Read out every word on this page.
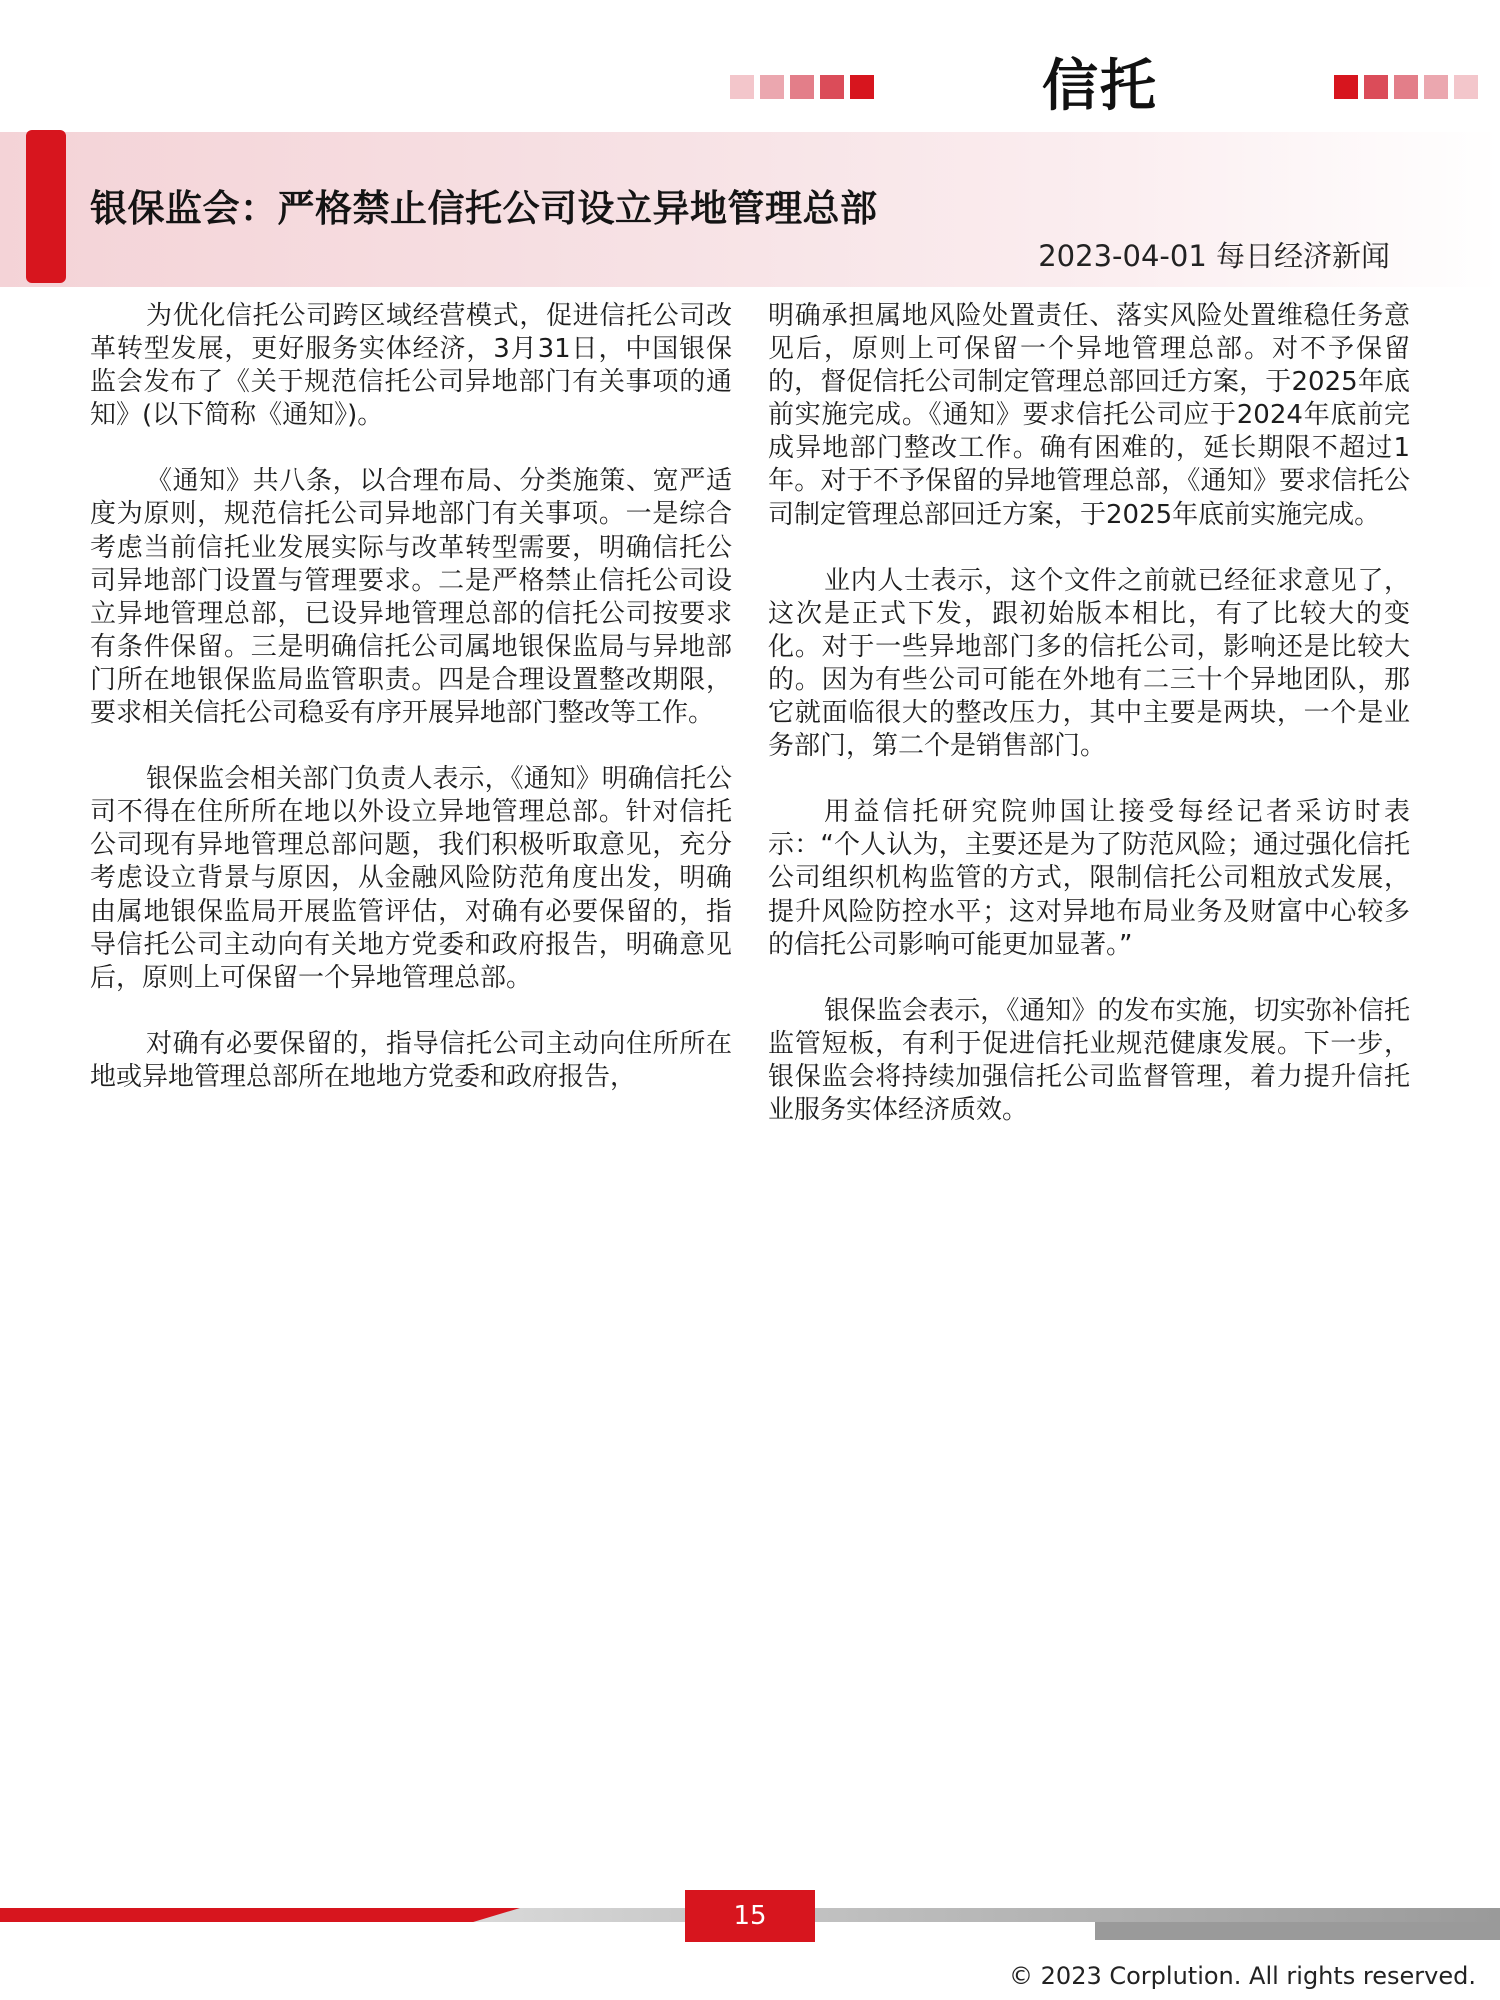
信托
银保监会：严格禁止信托公司设立异地管理总部
2023-04-01 每日经济新闻

为优化信托公司跨区域经营模式，促进信托公司改革转型发展，更好服务实体经济，3月31日，中国银保监会发布了《关于规范信托公司异地部门有关事项的通知》(以下简称《通知》)。

《通知》共八条，以合理布局、分类施策、宽严适度为原则，规范信托公司异地部门有关事项。一是综合考虑当前信托业发展实际与改革转型需要，明确信托公司异地部门设置与管理要求。二是严格禁止信托公司设立异地管理总部，已设异地管理总部的信托公司按要求有条件保留。三是明确信托公司属地银保监局与异地部门所在地银保监局监管职责。四是合理设置整改期限，要求相关信托公司稳妥有序开展异地部门整改等工作。

银保监会相关部门负责人表示，《通知》明确信托公司不得在住所所在地以外设立异地管理总部。针对信托公司现有异地管理总部问题，我们积极听取意见，充分考虑设立背景与原因，从金融风险防范角度出发，明确由属地银保监局开展监管评估，对确有必要保留的，指导信托公司主动向有关地方党委和政府报告，明确意见后，原则上可保留一个异地管理总部。

对确有必要保留的，指导信托公司主动向住所所在地或异地管理总部所在地地方党委和政府报告，

明确承担属地风险处置责任、落实风险处置维稳任务意见后，原则上可保留一个异地管理总部。对不予保留的，督促信托公司制定管理总部回迁方案，于2025年底前实施完成。《通知》要求信托公司应于2024年底前完成异地部门整改工作。确有困难的，延长期限不超过1年。对于不予保留的异地管理总部，《通知》要求信托公司制定管理总部回迁方案，于2025年底前实施完成。

业内人士表示，这个文件之前就已经征求意见了，这次是正式下发，跟初始版本相比，有了比较大的变化。对于一些异地部门多的信托公司，影响还是比较大的。因为有些公司可能在外地有二三十个异地团队，那它就面临很大的整改压力，其中主要是两块，一个是业务部门，第二个是销售部门。

用益信托研究院帅国让接受每经记者采访时表示：“个人认为，主要还是为了防范风险；通过强化信托公司组织机构监管的方式，限制信托公司粗放式发展，提升风险防控水平；这对异地布局业务及财富中心较多的信托公司影响可能更加显著。”

银保监会表示，《通知》的发布实施，切实弥补信托监管短板，有利于促进信托业规范健康发展。下一步，银保监会将持续加强信托公司监督管理，着力提升信托业服务实体经济质效。

15
© 2023 Corplution. All rights reserved.
